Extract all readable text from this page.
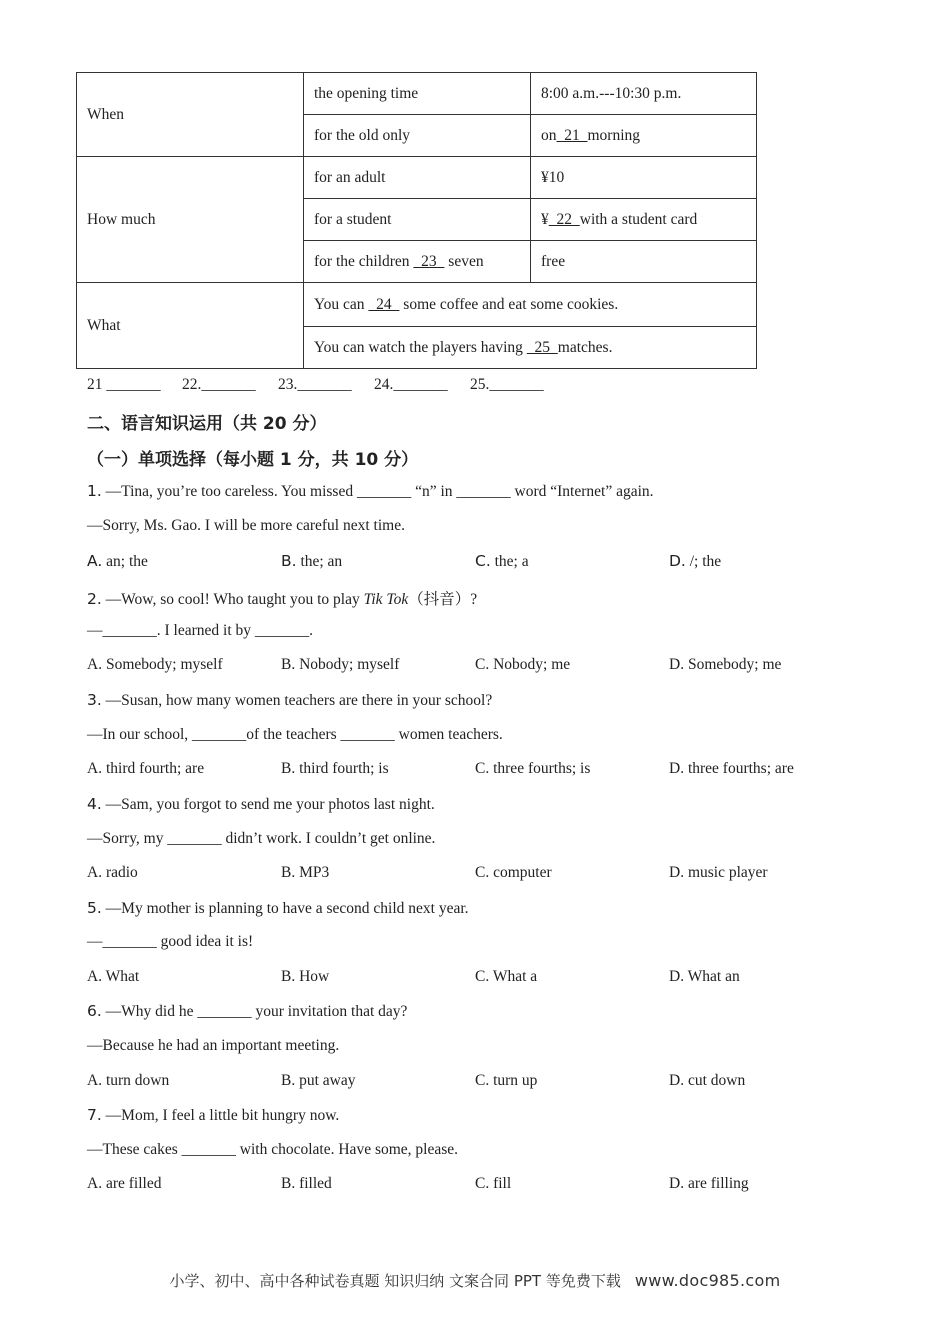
When	the opening time	8:00 a.m.---10:30 p.m.
	for the old only	on  21  morning
How much	for an adult	¥10
	for a student	¥  22  with a student card
	for the children   23   seven	free
What	You can   24   some coffee and eat some cookies.	
	You can watch the players having   25  matches.	
21 _______ 22._______ 23._______ 24._______ 25._______
二、语言知识运用（共 20 分）
（一）单项选择（每小题 1 分，共 10 分）
1. —Tina, you’re too careless. You missed _______ “n” in _______ word “Internet” again.
—Sorry, Ms. Gao. I will be more careful next time.
A. an; the	B. the; an	C. the; a	D. /; the
2. —Wow, so cool! Who taught you to play Tik Tok（抖音）?
—_______. I learned it by _______.
A. Somebody; myself	B. Nobody; myself	C. Nobody; me	D. Somebody; me
3. —Susan, how many women teachers are there in your school?
—In our school, _______of the teachers _______ women teachers.
A. third fourth; are	B. third fourth; is	C. three fourths; is	D. three fourths; are
4. —Sam, you forgot to send me your photos last night.
—Sorry, my _______ didn’t work. I couldn’t get online.
A. radio	B. MP3	C. computer	D. music player
5. —My mother is planning to have a second child next year.
—_______ good idea it is!
A. What	B. How	C. What a	D. What an
6. —Why did he _______ your invitation that day?
—Because he had an important meeting.
A. turn down	B. put away	C. turn up	D. cut down
7. —Mom, I feel a little bit hungry now.
—These cakes _______ with chocolate. Have some, please.
A. are filled	B. filled	C. fill	D. are filling
小学、初中、高中各种试卷真题 知识归纳 文案合同 PPT 等免费下载 www.doc985.com
